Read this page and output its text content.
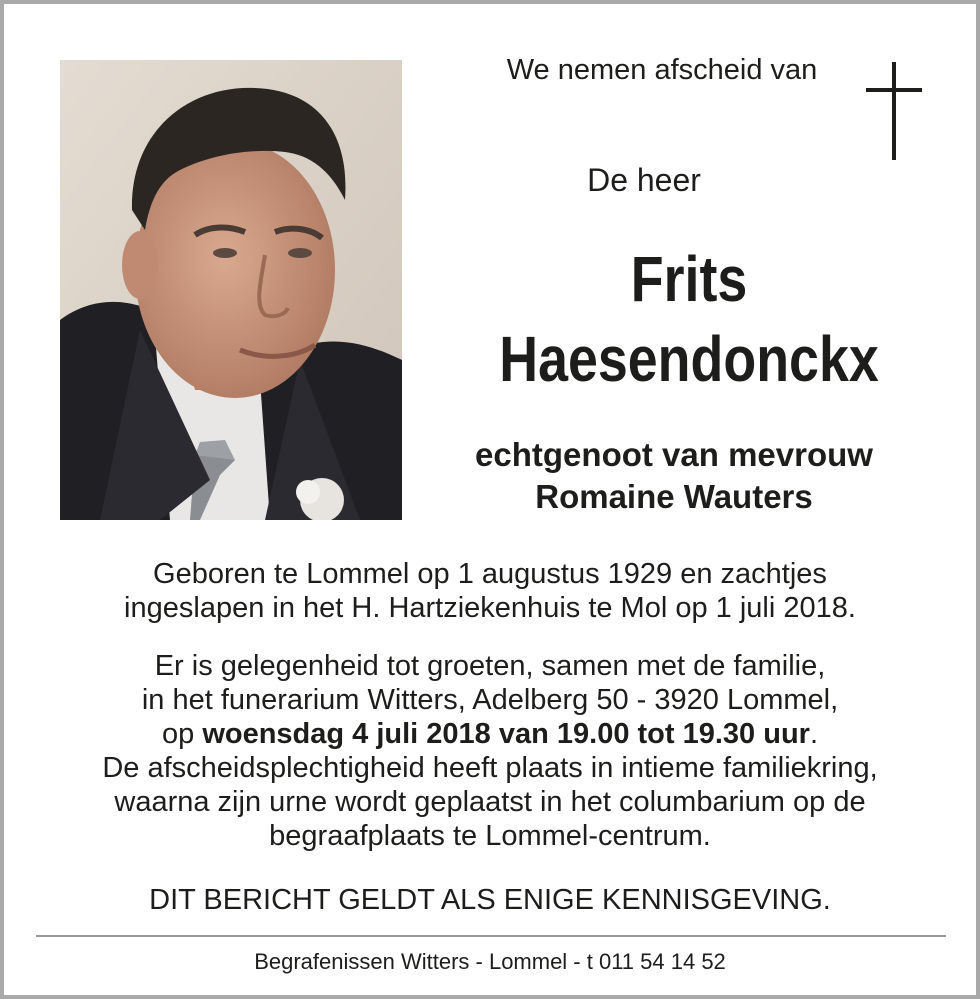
We nemen afscheid van
De heer
Frits
Haesendonckx
echtgenoot van mevrouw
Romaine Wauters
Geboren te Lommel op 1 augustus 1929 en zachtjes
ingeslapen in het H. Hartziekenhuis te Mol op 1 juli 2018.
Er is gelegenheid tot groeten, samen met de familie,
in het funerarium Witters, Adelberg 50 - 3920 Lommel,
op woensdag 4 juli 2018 van 19.00 tot 19.30 uur.
De afscheidsplechtigheid heeft plaats in intieme familiekring,
waarna zijn urne wordt geplaatst in het columbarium op de
begraafplaats te Lommel-centrum.
DIT BERICHT GELDT ALS ENIGE KENNISGEVING.
Begrafenissen Witters - Lommel - t 011 54 14 52
